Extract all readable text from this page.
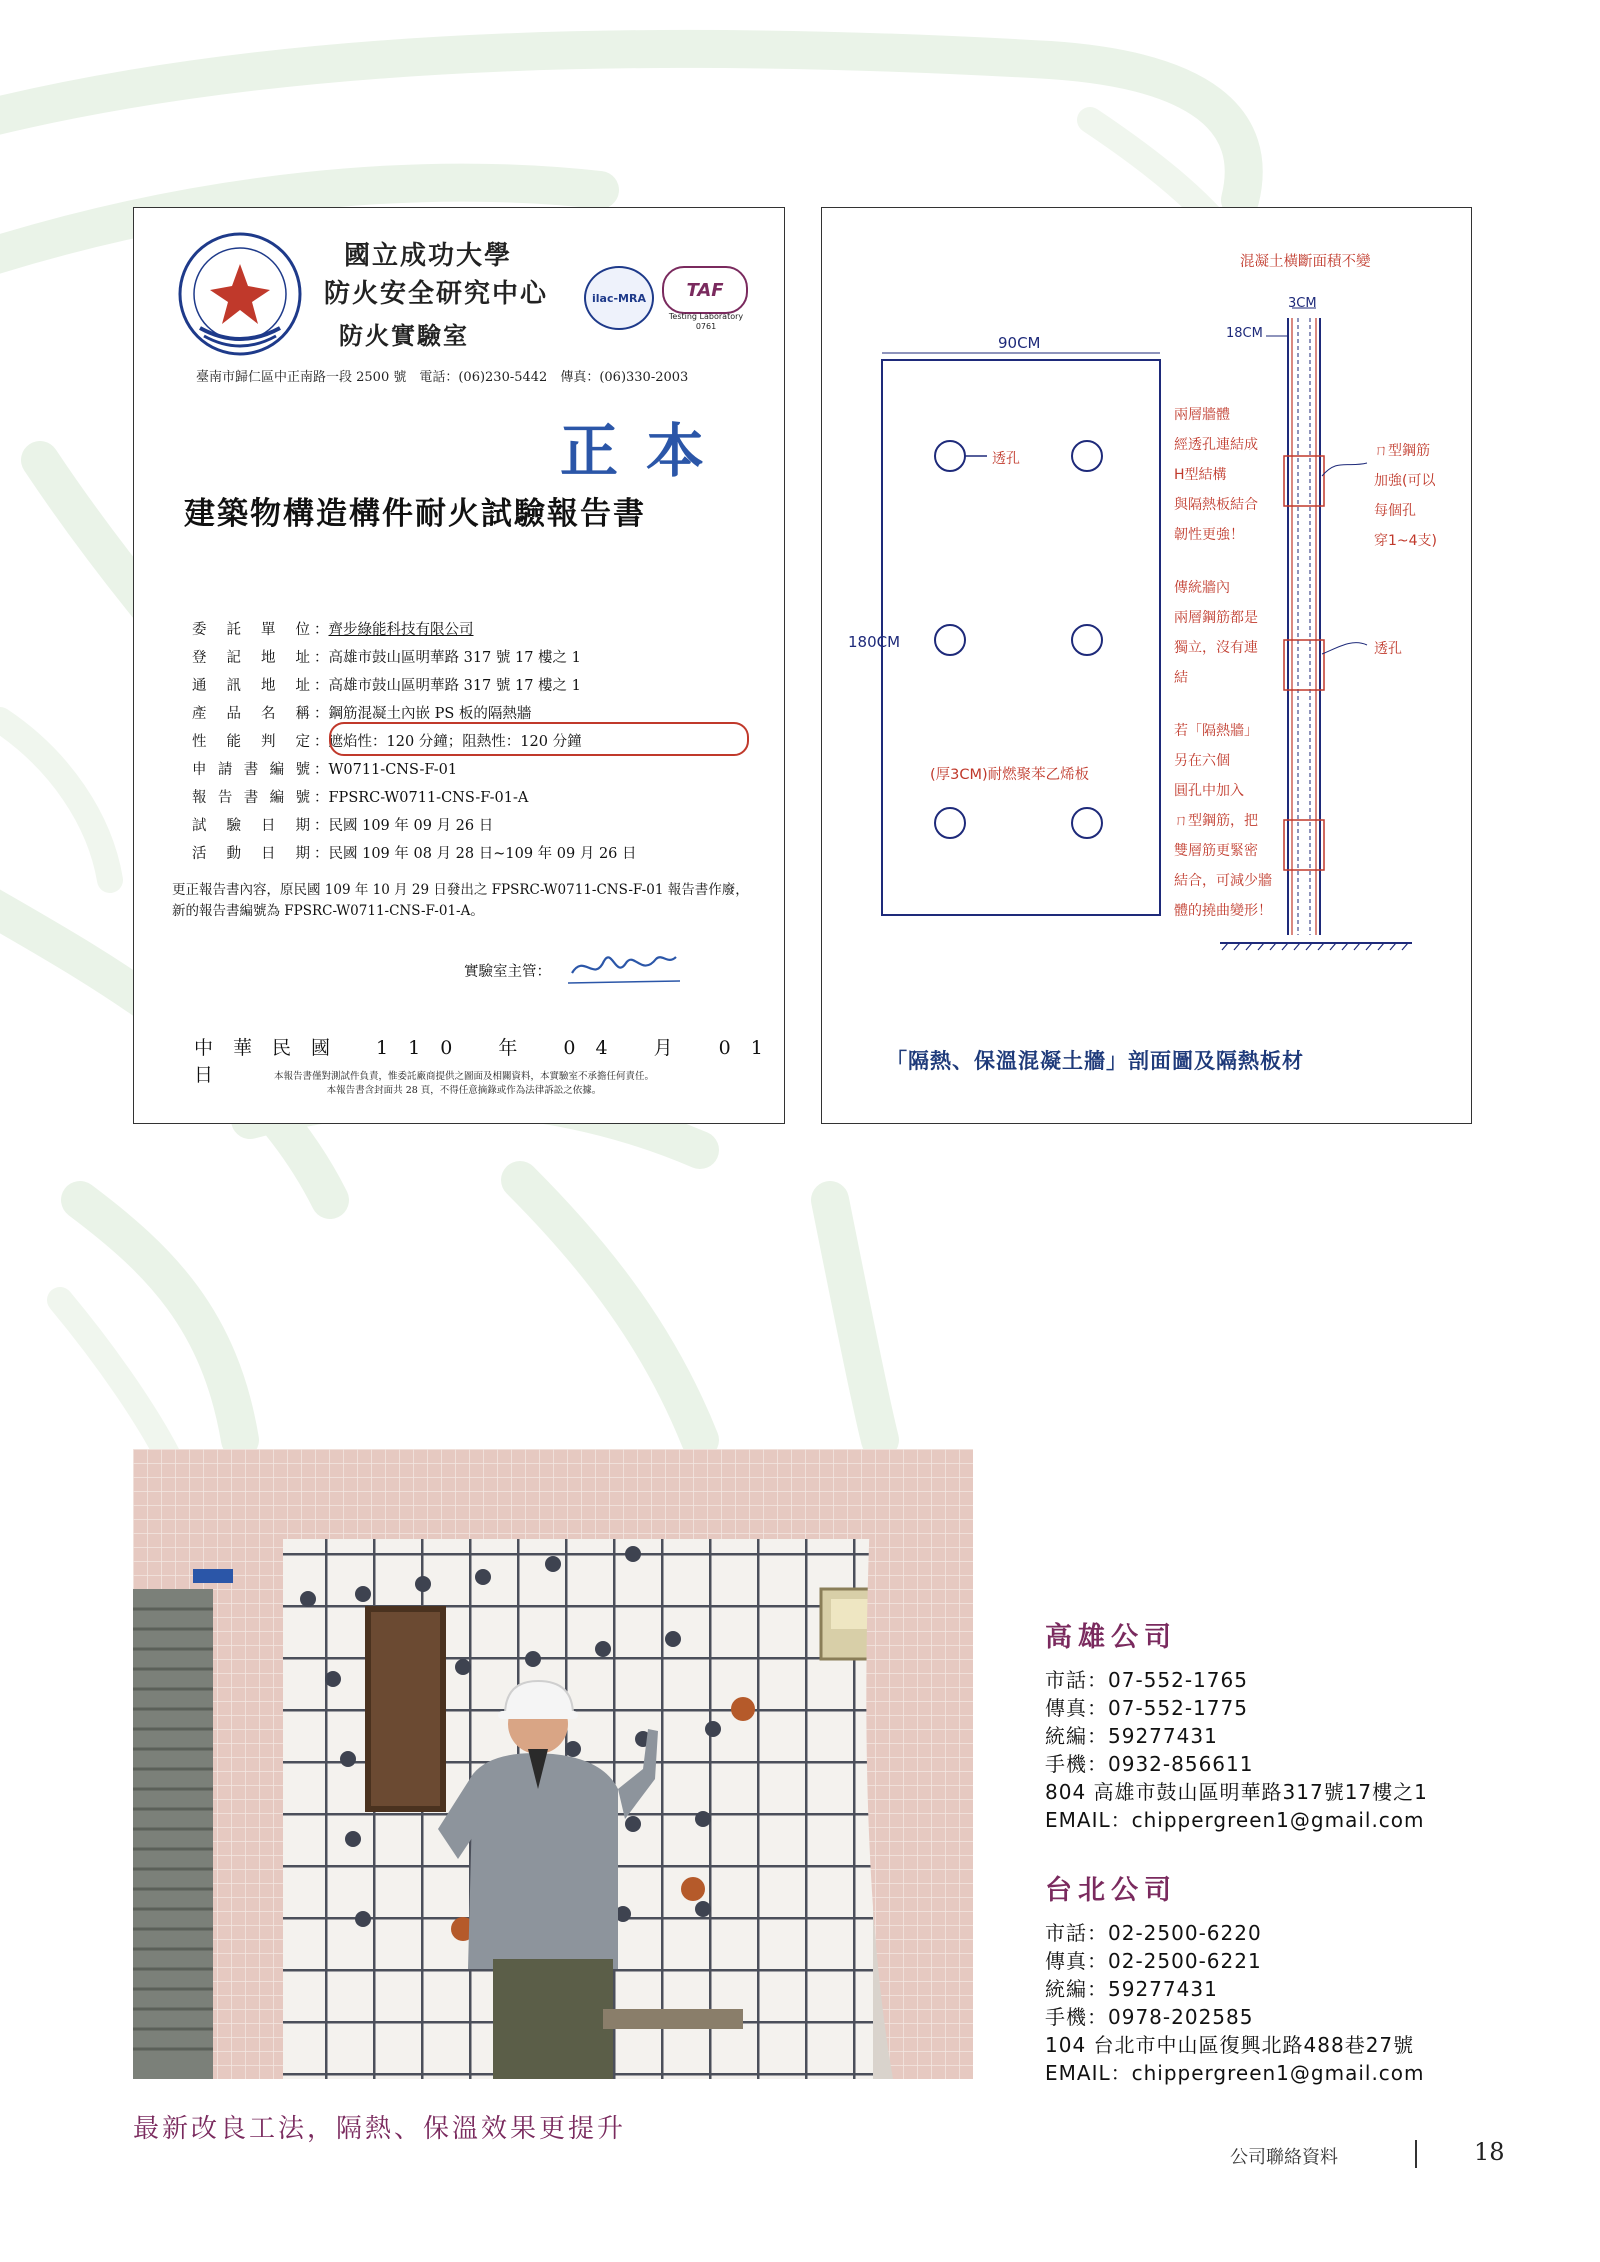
國立成功大學
防火安全研究中心
防火實驗室
ilac-MRA	TAF
Testing Laboratory 0761
臺南市歸仁區中正南路一段 2500 號　電話：(06)230-5442　傳真：(06)330-2003
正本
建築物構造構件耐火試驗報告書
委託單位 ：齊步綠能科技有限公司
登記地址 ：高雄市鼓山區明華路 317 號 17 樓之 1
通訊地址 ：高雄市鼓山區明華路 317 號 17 樓之 1
產品名稱 ：鋼筋混凝土內嵌 PS 板的隔熱牆
性能判定 ：遮焰性：120 分鐘；阻熱性：120 分鐘
申請書編號 ：W0711-CNS-F-01
報告書編號 ：FPSRC-W0711-CNS-F-01-A
試驗日期 ：民國 109 年 09 月 26 日
活動日期 ：民國 109 年 08 月 28 日~109 年 09 月 26 日
更正報告書內容，原民國 109 年 10 月 29 日發出之 FPSRC-W0711-CNS-F-01 報告書作廢，新的報告書編號為 FPSRC-W0711-CNS-F-01-A。
實驗室主管：
中華民國 110 年 04 月 01 日	本報告書僅對測試件負責，惟委託廠商提供之圖面及相關資料，本實驗室不承擔任何責任。
本報告書含封面共 28 頁，不得任意摘錄或作為法律訴訟之依據。
混凝土橫斷面積不變
3CM
18CM
90CM
180CM
透孔
(厚3CM)耐燃聚苯乙烯板
兩層牆體
經透孔連結成
H型結構
與隔熱板結合
韌性更強！
傳統牆內
兩層鋼筋都是
獨立，沒有連
結
若「隔熱牆」
另在六個
圓孔中加入
ㄇ型鋼筋，把
雙層筋更緊密
結合，可減少牆
體的撓曲變形！
ㄇ型鋼筋
加強(可以
每個孔
穿1~4支)
透孔
「隔熱、保溫混凝土牆」剖面圖及隔熱板材
最新改良工法，隔熱、保溫效果更提升
高雄公司
市話：07-552-1765
傳真：07-552-1775
統編：59277431
手機：0932-856611
804 高雄市鼓山區明華路317號17樓之1
EMAIL：chippergreen1@gmail.com
台北公司
市話：02-2500-6220
傳真：02-2500-6221
統編：59277431
手機：0978-202585
104 台北市中山區復興北路488巷27號
EMAIL：chippergreen1@gmail.com
公司聯絡資料	18
